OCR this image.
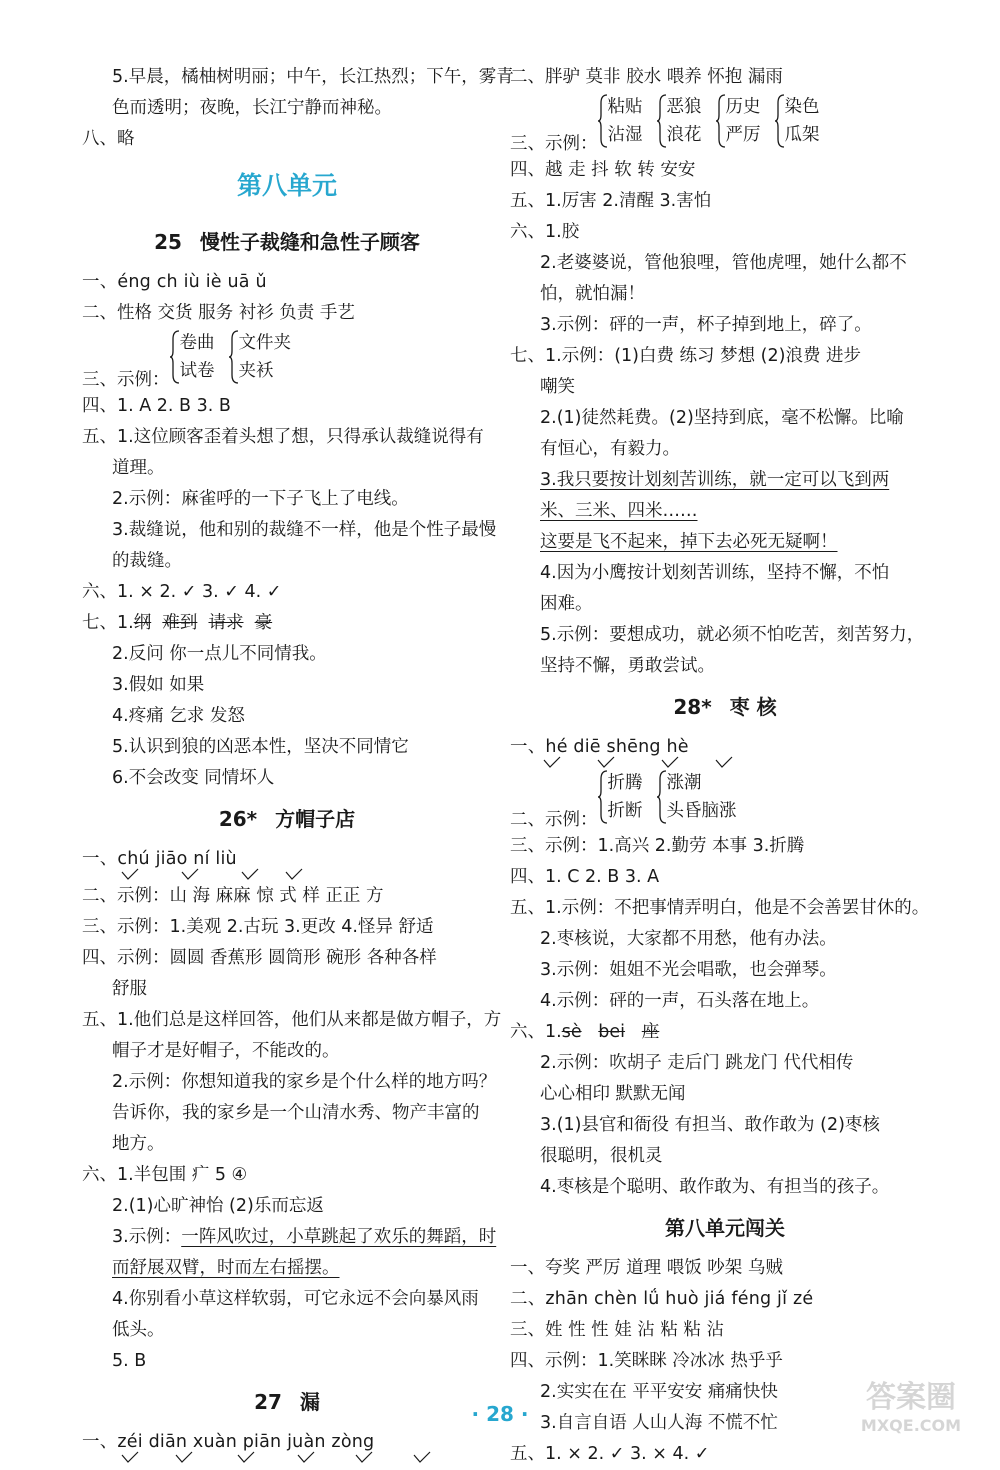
5.早晨，橘柚树明丽；中午，长江热烈；下午，雾青
色而透明；夜晚，长江宁静而神秘。
八、略
第八单元
25 慢性子裁缝和急性子顾客
一、éng ch iù iè uā ǔ
二、性格 交货 服务 衬衫 负责 手艺
三、示例：
卷曲
试卷
文件夹
夹袄
四、1. A 2. B 3. B
五、1.这位顾客歪着头想了想，只得承认裁缝说得有
道理。
2.示例：麻雀呼的一下子飞上了电线。
3.裁缝说，他和别的裁缝不一样，他是个性子最慢
的裁缝。
六、1. × 2. ✓ 3. ✓ 4. ✓
七、1.纲 难到 请求 豪
2.反问 你一点儿不同情我。
3.假如 如果
4.疼痛 乞求 发怒
5.认识到狼的凶恶本性，坚决不同情它
6.不会改变 同情坏人
26* 方帽子店
一、chú jiāo ní liù
二、示例：山 海 麻麻 惊 式 样 正正 方
三、示例：1.美观 2.古玩 3.更改 4.怪异 舒适
四、示例：圆圆 香蕉形 圆筒形 碗形 各种各样
舒服
五、1.他们总是这样回答，他们从来都是做方帽子，方
帽子才是好帽子，不能改的。
2.示例：你想知道我的家乡是个什么样的地方吗？
告诉你，我的家乡是一个山清水秀、物产丰富的
地方。
六、1.半包围 疒 5 ④
2.(1)心旷神怡 (2)乐而忘返
3.示例：一阵风吹过，小草跳起了欢乐的舞蹈，时
而舒展双臂，时而左右摇摆。
4.你别看小草这样软弱，可它永远不会向暴风雨
低头。
5. B
27 漏
一、zéi diān xuàn piān juàn zòng
二、胖驴 莫非 胶水 喂养 怀抱 漏雨
三、示例：
粘贴
沾湿
恶狼
浪花
历史
严厉
染色
瓜架
四、越 走 抖 软 转 安安
五、1.厉害 2.清醒 3.害怕
六、1.胶
2.老婆婆说，管他狼哩，管他虎哩，她什么都不
怕，就怕漏！
3.示例：砰的一声，杯子掉到地上，碎了。
七、1.示例：(1)白费 练习 梦想 (2)浪费 进步
嘲笑
2.(1)徒然耗费。(2)坚持到底，毫不松懈。比喻
有恒心，有毅力。
3.我只要按计划刻苦训练，就一定可以飞到两
米、三米、四米……
这要是飞不起来，掉下去必死无疑啊！
4.因为小鹰按计划刻苦训练，坚持不懈，不怕
困难。
5.示例：要想成功，就必须不怕吃苦，刻苦努力，
坚持不懈，勇敢尝试。
28* 枣 核
一、hé diē shēng hè
二、示例：
折腾
折断
涨潮
头昏脑涨
三、示例：1.高兴 2.勤劳 本事 3.折腾
四、1. C 2. B 3. A
五、1.示例：不把事情弄明白，他是不会善罢甘休的。
2.枣核说，大家都不用愁，他有办法。
3.示例：姐姐不光会唱歌，也会弹琴。
4.示例：砰的一声，石头落在地上。
六、1.sè bei 座
2.示例：吹胡子 走后门 跳龙门 代代相传
心心相印 默默无闻
3.(1)县官和衙役 有担当、敢作敢为 (2)枣核
很聪明，很机灵
4.枣核是个聪明、敢作敢为、有担当的孩子。
第八单元闯关
一、夸奖 严厉 道理 喂饭 吵架 乌贼
二、zhān chèn lǘ huò jiá féng jǐ zé
三、姓 性 性 娃 沾 粘 粘 沾
四、示例：1.笑眯眯 冷冰冰 热乎乎
2.实实在在 平平安安 痛痛快快
3.自言自语 人山人海 不慌不忙
五、1. × 2. ✓ 3. × 4. ✓
· 28 ·	答案圈
MXQE.COM
